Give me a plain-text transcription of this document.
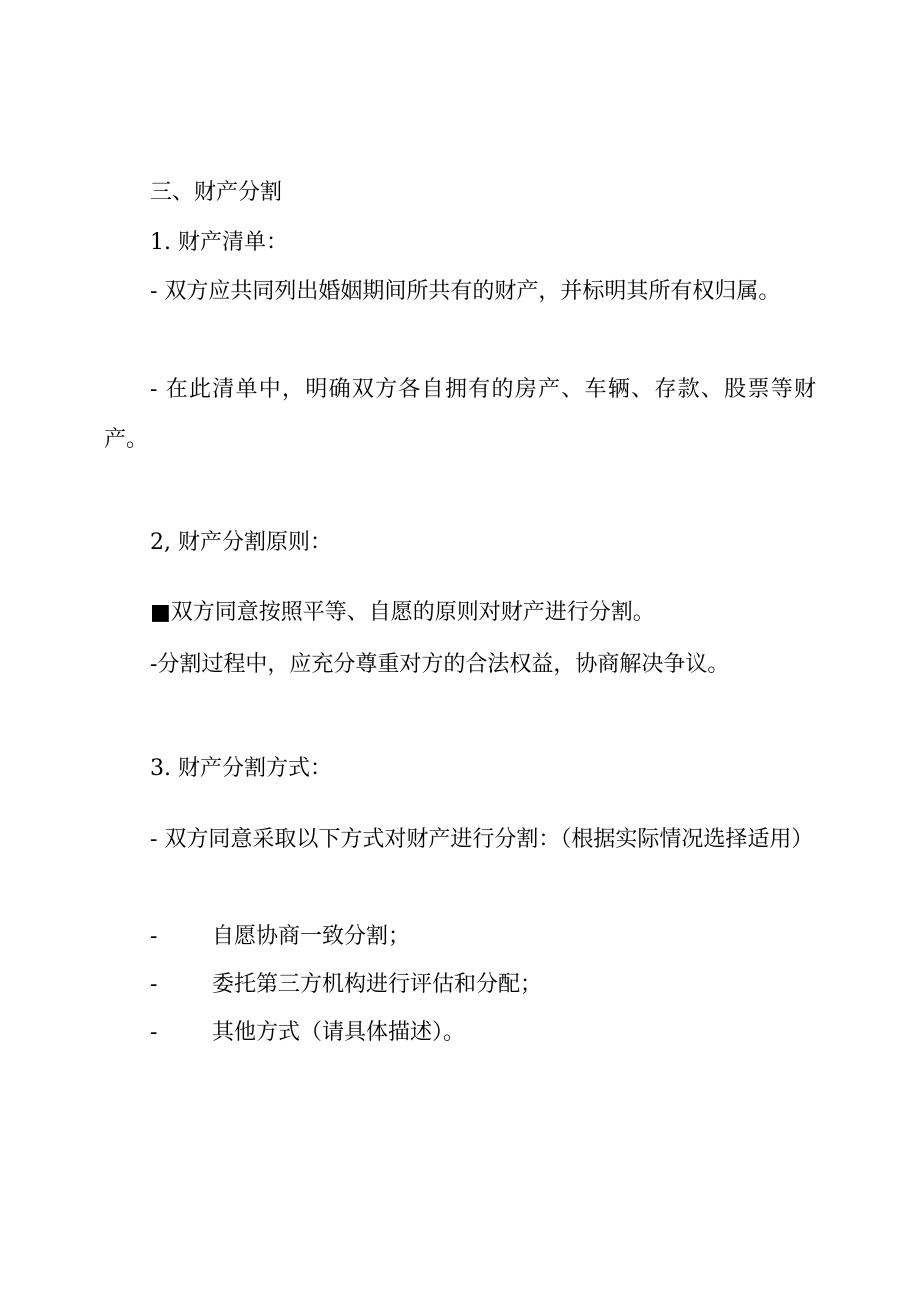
三、财产分割
1. 财产清单：
- 双方应共同列出婚姻期间所共有的财产，并标明其所有权归属。
- 在此清单中，明确双方各自拥有的房产、车辆、存款、股票等财产。
2, 财产分割原则：
■双方同意按照平等、自愿的原则对财产进行分割。
-分割过程中，应充分尊重对方的合法权益，协商解决争议。
3. 财产分割方式：
- 双方同意采取以下方式对财产进行分割：（根据实际情况选择适用）
- 自愿协商一致分割；
- 委托第三方机构进行评估和分配；
- 其他方式（请具体描述）。
